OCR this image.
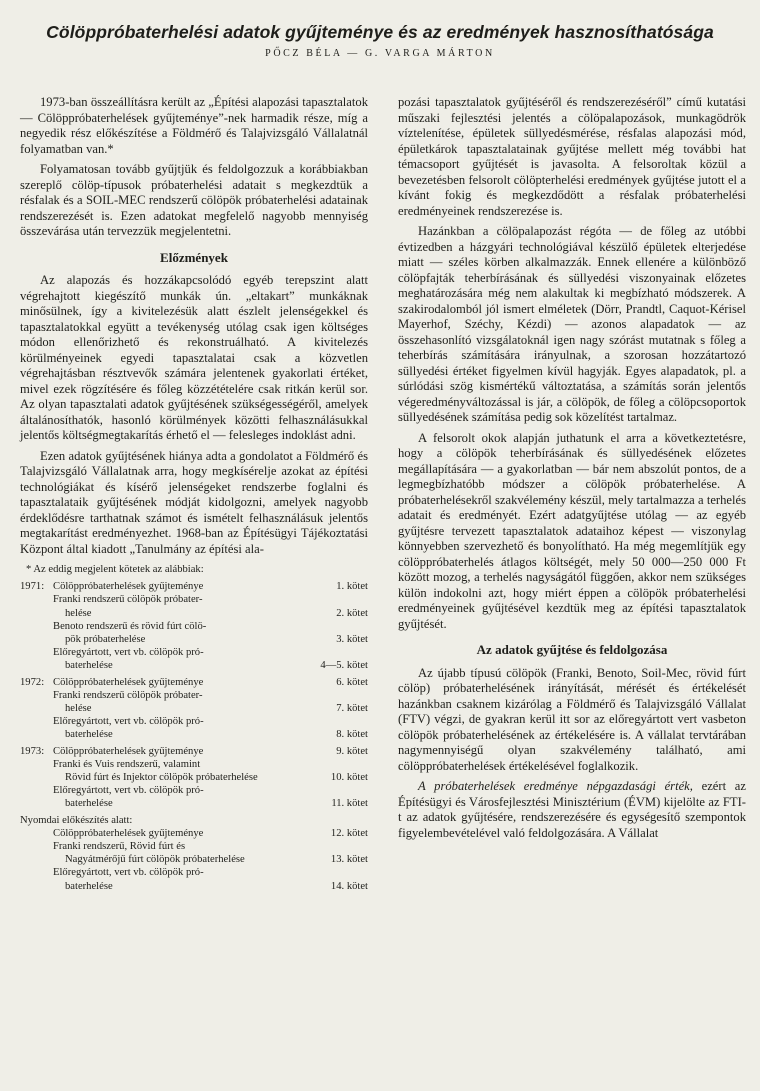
Cölöppróbaterhelési adatok gyűjteménye és az eredmények hasznosíthatósága
PŐCZ BÉLA — G. VARGA MÁRTON

1973-ban összeállításra került az „Építési alapozási tapasztalatok — Cölöppróbaterhelések gyűjteménye”-nek harmadik része, míg a negyedik rész előkészítése a Földmérő és Talajvizsgáló Vállalatnál folyamatban van.*

Folyamatosan tovább gyűjtjük és feldolgozzuk a korábbiakban szereplő cölöp-típusok próbaterhelési adatait s megkezdtük a résfalak és a SOIL-MEC rendszerű cölöpök próbaterhelési adatainak rendszerezését is. Ezen adatokat megfelelő nagyobb mennyiség összevárása után tervezzük megjelentetni.

Előzmények

Az alapozás és hozzákapcsolódó egyéb terepszint alatt végrehajtott kiegészítő munkák ún. „eltakart” munkáknak minősülnek, így a kivitelezésük alatt észlelt jelenségekkel és tapasztalatokkal együtt a tevékenység utólag csak igen költséges módon ellenőrizhető és rekonstruálható. A kivitelezés körülményeinek egyedi tapasztalatai csak a közvetlen végrehajtásban résztvevők számára jelentenek gyakorlati értéket, mivel ezek rögzítésére és főleg közzétételére csak ritkán kerül sor. Az olyan tapasztalati adatok gyűjtésének szükségességéről, amelyek általánosíthatók, hasonló körülmények közötti felhasználásukkal jelentős költségmegtakarítás érhető el — felesleges indoklást adni.

Ezen adatok gyűjtésének hiánya adta a gondolatot a Földmérő és Talajvizsgáló Vállalatnak arra, hogy megkísérelje azokat az építési technológiákat és kísérő jelenségeket rendszerbe foglalni és tapasztalataik gyűjtésének módját kidolgozni, amelyek nagyobb érdeklődésre tarthatnak számot és ismételt felhasználásuk jelentős megtakarítást eredményezhet. 1968-ban az Építésügyi Tájékoztatási Központ által kiadott „Tanulmány az építési ala-

* Az eddig megjelent kötetek az alábbiak:
1971: Cölöppróbaterhelések gyűjteménye	1. kötet
Franki rendszerű cölöpök próbater-
helése	2. kötet
Benoto rendszerű és rövid fúrt cölö-
pök próbaterhelése	3. kötet
Előregyártott, vert vb. cölöpök pró-
baterhelése	4—5. kötet
1972: Cölöppróbaterhelések gyűjteménye	6. kötet
Franki rendszerű cölöpök próbater-
helése	7. kötet
Előregyártott, vert vb. cölöpök pró-
baterhelése	8. kötet
1973: Cölöppróbaterhelések gyűjteménye	9. kötet
Franki és Vuis rendszerű, valamint
Rövid fúrt és Injektor cölöpök próbaterhelése	10. kötet
Előregyártott, vert vb. cölöpök pró-
baterhelése	11. kötet
Nyomdai előkészítés alatt:
Cölöppróbaterhelések gyűjteménye	12. kötet
Franki rendszerű, Rövid fúrt és
Nagyátmérőjű fúrt cölöpök próbaterhelése	13. kötet
Előregyártott, vert vb. cölöpök pró-
baterhelése	14. kötet

pozási tapasztalatok gyűjtéséről és rendszerezéséről” című kutatási műszaki fejlesztési jelentés a cölöpalapozások, munkagödrök víztelenítése, épületek süllyedésmérése, résfalas alapozási mód, épületkárok tapasztalatainak gyűjtése mellett még további hat témacsoport gyűjtését is javasolta. A felsoroltak közül a bevezetésben felsorolt cölöpterhelési eredmények gyűjtése jutott el a kívánt fokig és megkezdődött a résfalak próbaterhelési eredményeinek rendszerezése is.

Hazánkban a cölöpalapozást régóta — de főleg az utóbbi évtizedben a házgyári technológiával készülő épületek elterjedése miatt — széles körben alkalmazzák. Ennek ellenére a különböző cölöpfajták teherbírásának és süllyedési viszonyainak előzetes meghatározására még nem alakultak ki megbízható módszerek. A szakirodalomból jól ismert elméletek (Dörr, Prandtl, Caquot-Kérisel Mayerhof, Széchy, Kézdi) — azonos alapadatok — az összehasonlító vizsgálatoknál igen nagy szórást mutatnak s főleg a teherbírás számítására irányulnak, a szorosan hozzátartozó süllyedési értéket figyelmen kívül hagyják. Egyes alapadatok, pl. a súrlódási szög kismértékű változtatása, a számítás során jelentős végeredményváltozással is jár, a cölöpök, de főleg a cölöpcsoportok süllyedésének számítása pedig sok közelítést tartalmaz.

A felsorolt okok alapján juthatunk el arra a következtetésre, hogy a cölöpök teherbírásának és süllyedésének előzetes megállapítására — a gyakorlatban — bár nem abszolút pontos, de a legmegbízhatóbb módszer a cölöpök próbaterhelése. A próbaterhelésekről szakvélemény készül, mely tartalmazza a terhelés adatait és eredményét. Ezért adatgyűjtése utólag — az egyéb gyűjtésre tervezett tapasztalatok adataihoz képest — viszonylag könnyebben szervezhető és bonyolítható. Ha még megemlítjük egy cölöppróbaterhelés átlagos költségét, mely 50 000—250 000 Ft között mozog, a terhelés nagyságától függően, akkor nem szükséges külön indokolni azt, hogy miért éppen a cölöpök próbaterhelési eredményeinek gyűjtésével kezdtük meg az építési tapasztalatok gyűjtését.

Az adatok gyűjtése és feldolgozása

Az újabb típusú cölöpök (Franki, Benoto, Soil-Mec, rövid fúrt cölöp) próbaterhelésének irányítását, mérését és értékelését hazánkban csaknem kizárólag a Földmérő és Talajvizsgáló Vállalat (FTV) végzi, de gyakran kerül itt sor az előregyártott vert vasbeton cölöpök próbaterhelésének az értékelésére is. A vállalat tervtárában nagymennyiségű olyan szakvélemény található, ami cölöppróbaterhelések értékelésével foglalkozik.

A próbaterhelések eredménye népgazdasági érték, ezért az Építésügyi és Városfejlesztési Minisztérium (ÉVM) kijelölte az FTI-t az adatok gyűjtésére, rendszerezésére és egységesítő szempontok figyelembevételével való feldolgozására. A Vállalat
